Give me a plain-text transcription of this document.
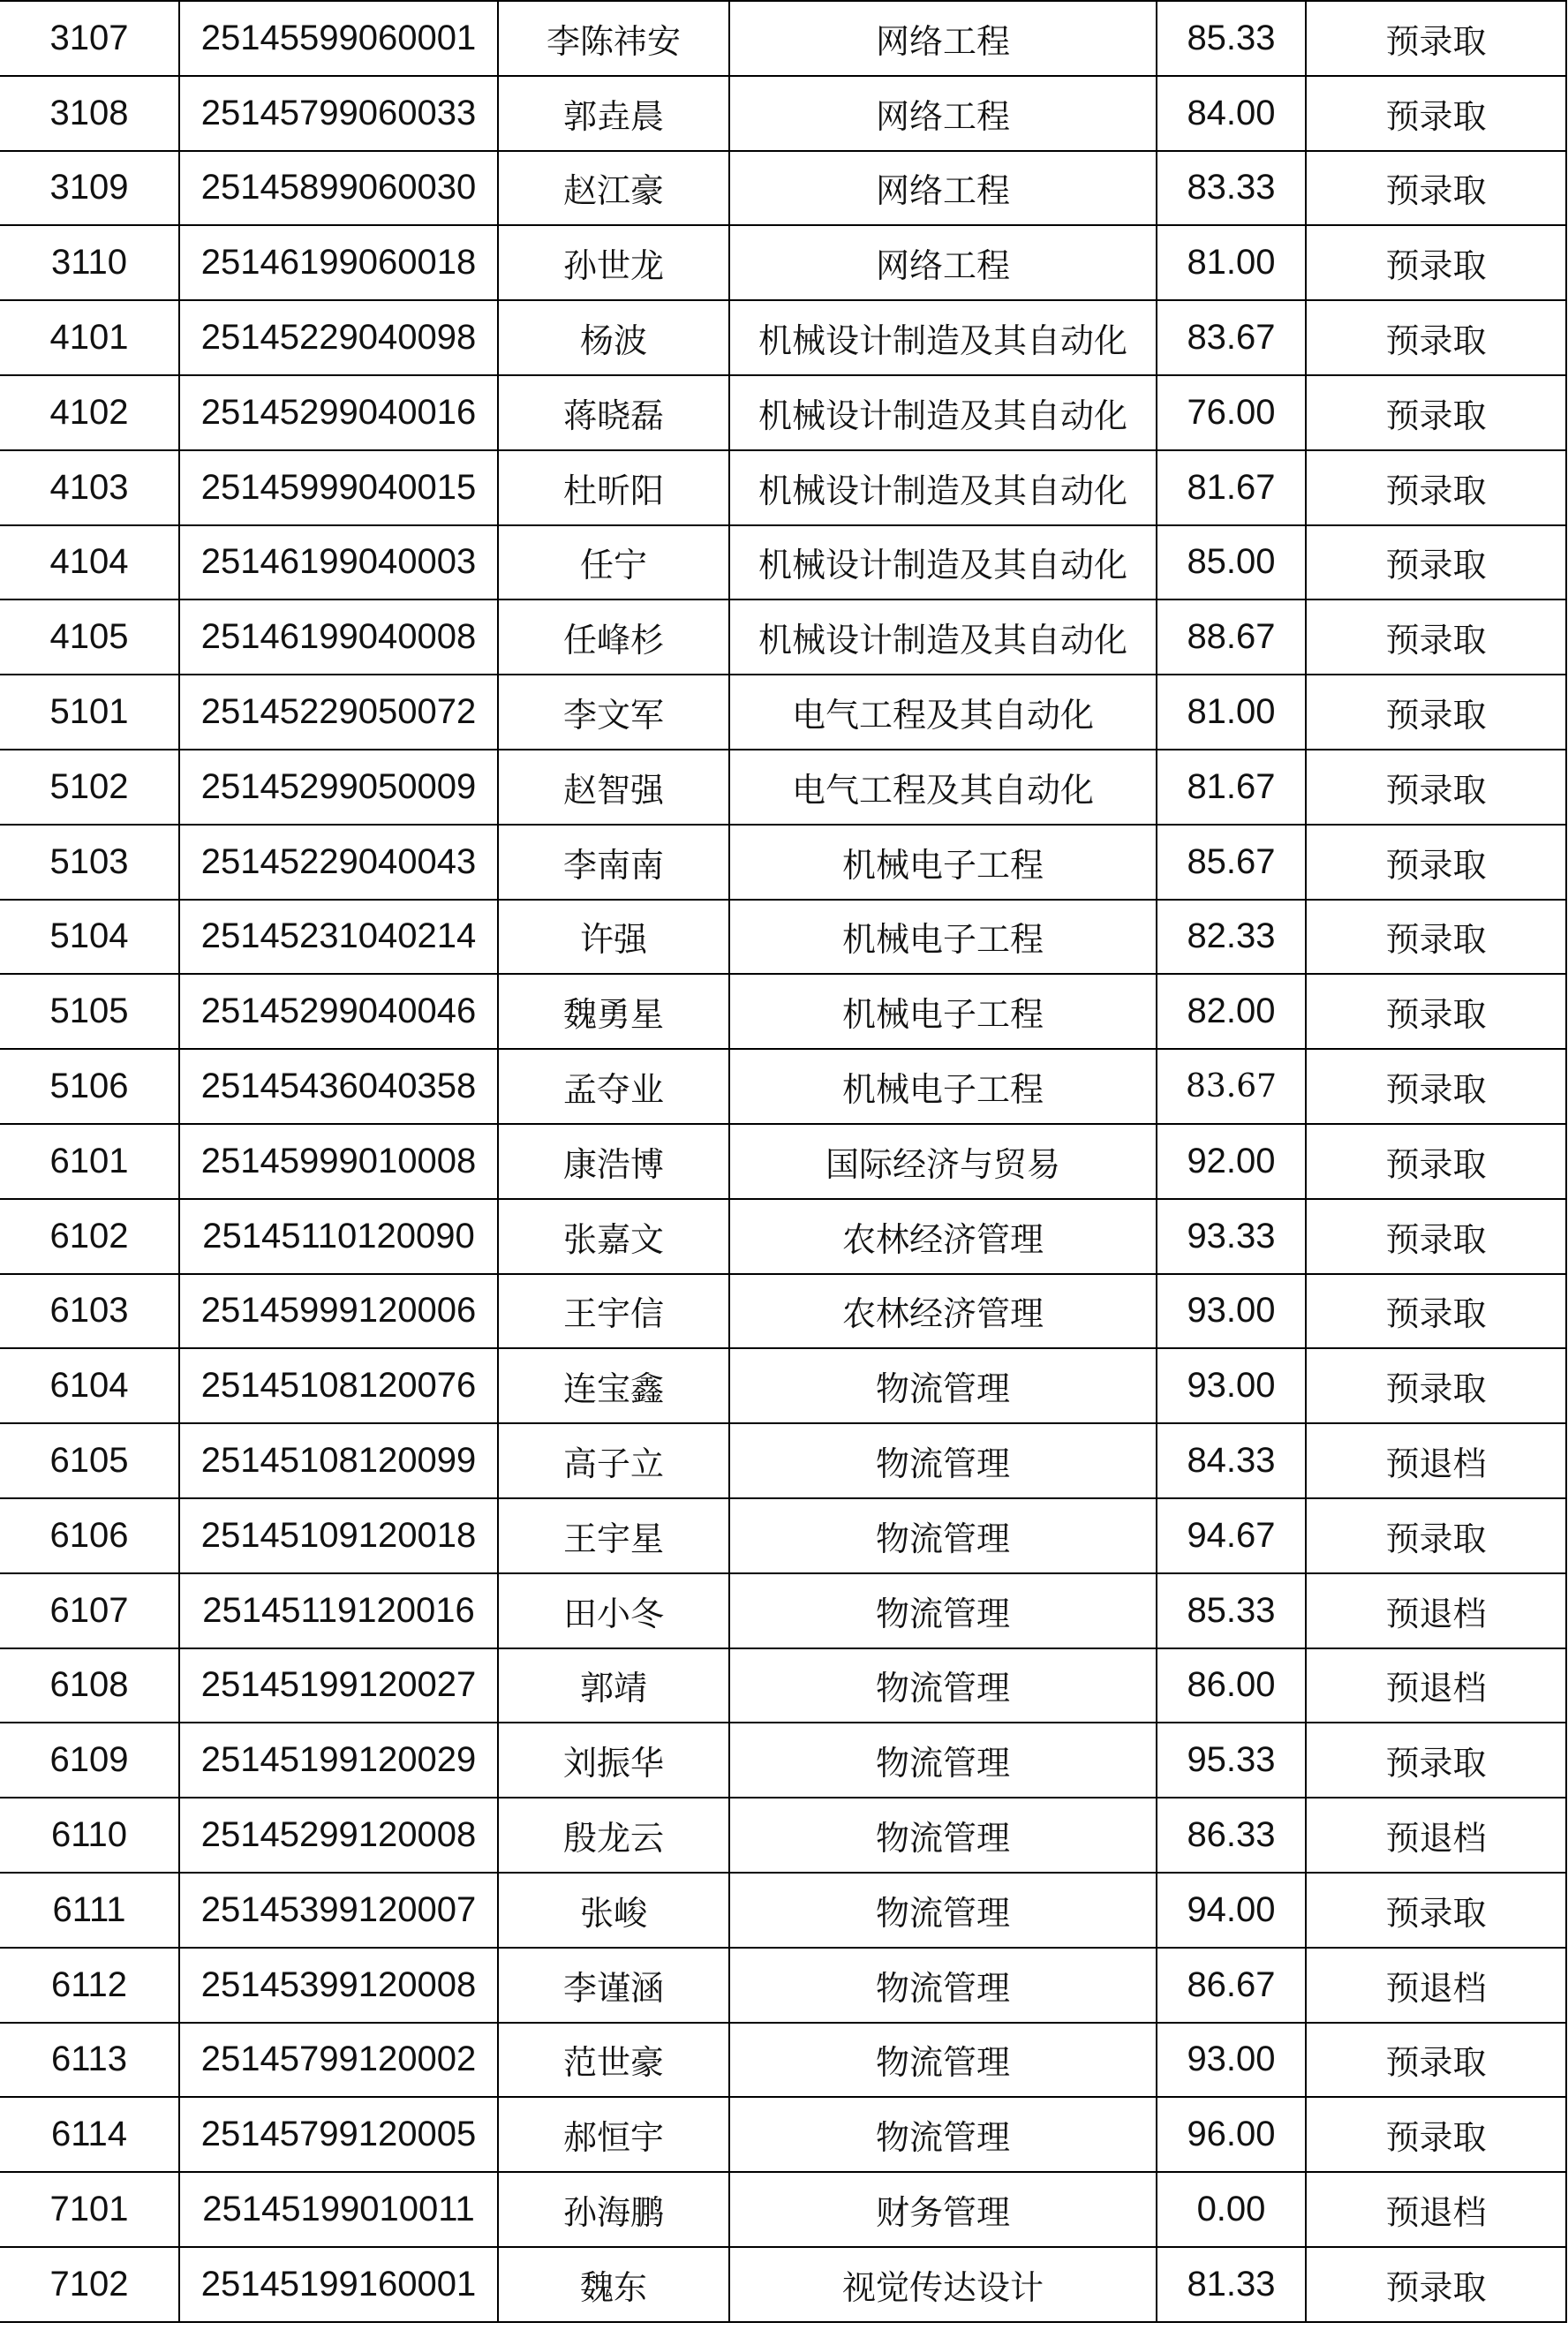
3107	25145599060001	李陈祎安	网络工程	85.33	预录取
3108	25145799060033	郭垚晨	网络工程	84.00	预录取
3109	25145899060030	赵江豪	网络工程	83.33	预录取
3110	25146199060018	孙世龙	网络工程	81.00	预录取
4101	25145229040098	杨波	机械设计制造及其自动化	83.67	预录取
4102	25145299040016	蒋晓磊	机械设计制造及其自动化	76.00	预录取
4103	25145999040015	杜昕阳	机械设计制造及其自动化	81.67	预录取
4104	25146199040003	任宁	机械设计制造及其自动化	85.00	预录取
4105	25146199040008	任峰杉	机械设计制造及其自动化	88.67	预录取
5101	25145229050072	李文军	电气工程及其自动化	81.00	预录取
5102	25145299050009	赵智强	电气工程及其自动化	81.67	预录取
5103	25145229040043	李南南	机械电子工程	85.67	预录取
5104	25145231040214	许强	机械电子工程	82.33	预录取
5105	25145299040046	魏勇星	机械电子工程	82.00	预录取
5106	25145436040358	孟夺业	机械电子工程	83.67	预录取
6101	25145999010008	康浩博	国际经济与贸易	92.00	预录取
6102	25145110120090	张嘉文	农林经济管理	93.33	预录取
6103	25145999120006	王宇信	农林经济管理	93.00	预录取
6104	25145108120076	连宝鑫	物流管理	93.00	预录取
6105	25145108120099	高子立	物流管理	84.33	预退档
6106	25145109120018	王宇星	物流管理	94.67	预录取
6107	25145119120016	田小冬	物流管理	85.33	预退档
6108	25145199120027	郭靖	物流管理	86.00	预退档
6109	25145199120029	刘振华	物流管理	95.33	预录取
6110	25145299120008	殷龙云	物流管理	86.33	预退档
6111	25145399120007	张峻	物流管理	94.00	预录取
6112	25145399120008	李谨涵	物流管理	86.67	预退档
6113	25145799120002	范世豪	物流管理	93.00	预录取
6114	25145799120005	郝恒宇	物流管理	96.00	预录取
7101	25145199010011	孙海鹏	财务管理	0.00	预退档
7102	25145199160001	魏东	视觉传达设计	81.33	预录取
